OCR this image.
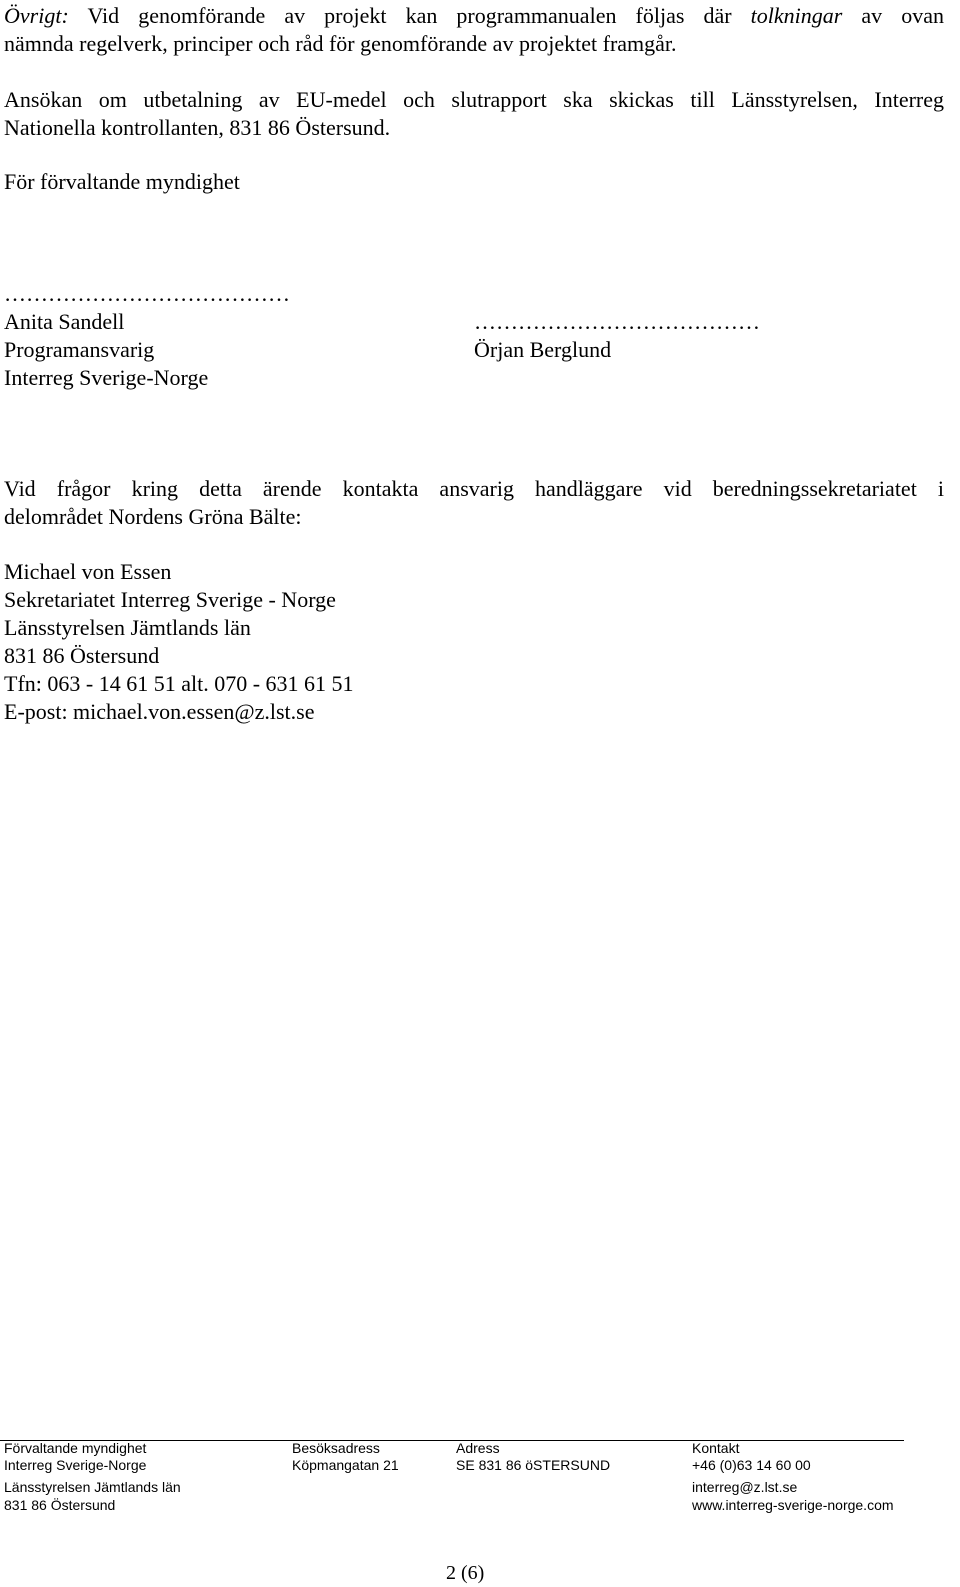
Övrigt: Vid genomförande av projekt kan programmanualen följas där tolkningar av ovan
nämnda regelverk, principer och råd för genomförande av projektet framgår.
Ansökan om utbetalning av EU-medel och slutrapport ska skickas till Länsstyrelsen, Interreg
Nationella kontrollanten, 831 86 Östersund.
För förvaltande myndighet
…………………………………
Anita Sandell
Programansvarig
Interreg Sverige-Norge
…………………………………
Örjan Berglund
Vid frågor kring detta ärende kontakta ansvarig handläggare vid beredningssekretariatet i
delområdet Nordens Gröna Bälte:
Michael von Essen
Sekretariatet Interreg Sverige - Norge
Länsstyrelsen Jämtlands län
831 86 Östersund
Tfn: 063 - 14 61 51 alt. 070 - 631 61 51
E-post: michael.von.essen@z.lst.se
Förvaltande myndighet
Interreg Sverige-Norge
Länsstyrelsen Jämtlands län
831 86 Östersund
Besöksadress
Köpmangatan 21
Adress
SE 831 86 öSTERSUND
Kontakt
+46 (0)63 14 60 00
interreg@z.lst.se
www.interreg-sverige-norge.com
2 (6)
